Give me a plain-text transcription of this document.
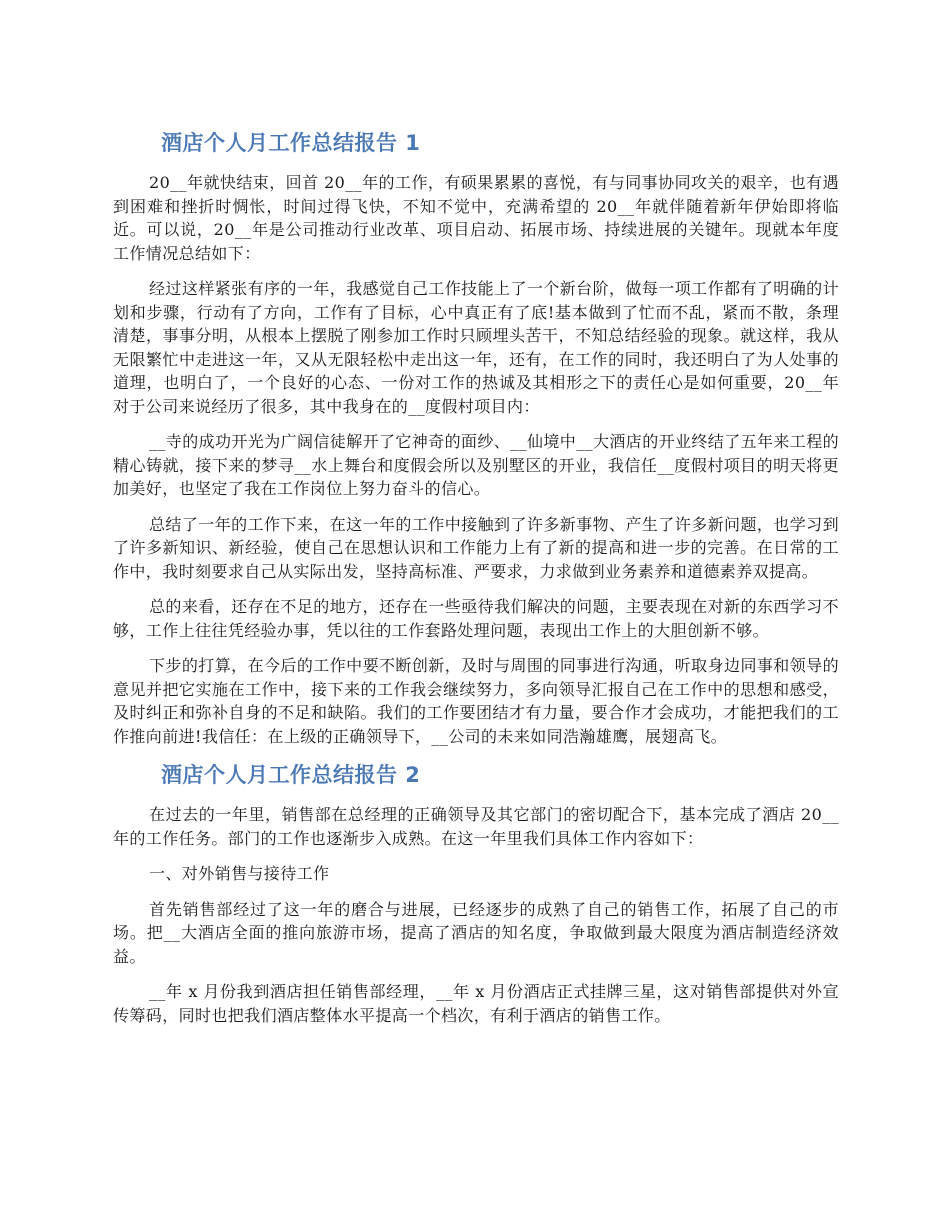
酒店个人月工作总结报告 1

20__年就快结束，回首 20__年的工作，有硕果累累的喜悦，有与同事协同攻关的艰辛，也有遇到困难和挫折时惆怅，时间过得飞快，不知不觉中，充满希望的 20__年就伴随着新年伊始即将临近。可以说，20__年是公司推动行业改革、项目启动、拓展市场、持续进展的关键年。现就本年度工作情况总结如下：

经过这样紧张有序的一年，我感觉自己工作技能上了一个新台阶，做每一项工作都有了明确的计划和步骤，行动有了方向，工作有了目标，心中真正有了底!基本做到了忙而不乱，紧而不散，条理清楚，事事分明，从根本上摆脱了刚参加工作时只顾埋头苦干，不知总结经验的现象。就这样，我从无限繁忙中走进这一年，又从无限轻松中走出这一年，还有，在工作的同时，我还明白了为人处事的道理，也明白了，一个良好的心态、一份对工作的热诚及其相形之下的责任心是如何重要，20__年对于公司来说经历了很多，其中我身在的__度假村项目内：

__寺的成功开光为广阔信徒解开了它神奇的面纱、__仙境中__大酒店的开业终结了五年来工程的精心铸就，接下来的梦寻__水上舞台和度假会所以及别墅区的开业，我信任__度假村项目的明天将更加美好，也坚定了我在工作岗位上努力奋斗的信心。

总结了一年的工作下来，在这一年的工作中接触到了许多新事物、产生了许多新问题，也学习到了许多新知识、新经验，使自己在思想认识和工作能力上有了新的提高和进一步的完善。在日常的工作中，我时刻要求自己从实际出发，坚持高标准、严要求，力求做到业务素养和道德素养双提高。

总的来看，还存在不足的地方，还存在一些亟待我们解决的问题，主要表现在对新的东西学习不够，工作上往往凭经验办事，凭以往的工作套路处理问题，表现出工作上的大胆创新不够。

下步的打算，在今后的工作中要不断创新，及时与周围的同事进行沟通，听取身边同事和领导的意见并把它实施在工作中，接下来的工作我会继续努力，多向领导汇报自己在工作中的思想和感受，及时纠正和弥补自身的不足和缺陷。我们的工作要团结才有力量，要合作才会成功，才能把我们的工作推向前进!我信任：在上级的正确领导下，__公司的未来如同浩瀚雄鹰，展翅高飞。

酒店个人月工作总结报告 2

在过去的一年里，销售部在总经理的正确领导及其它部门的密切配合下，基本完成了酒店 20__年的工作任务。部门的工作也逐渐步入成熟。在这一年里我们具体工作内容如下：

一、对外销售与接待工作

首先销售部经过了这一年的磨合与进展，已经逐步的成熟了自己的销售工作，拓展了自己的市场。把__大酒店全面的推向旅游市场，提高了酒店的知名度，争取做到最大限度为酒店制造经济效益。

__年 x 月份我到酒店担任销售部经理，__年 x 月份酒店正式挂牌三星，这对销售部提供对外宣传筹码，同时也把我们酒店整体水平提高一个档次，有利于酒店的销售工作。
